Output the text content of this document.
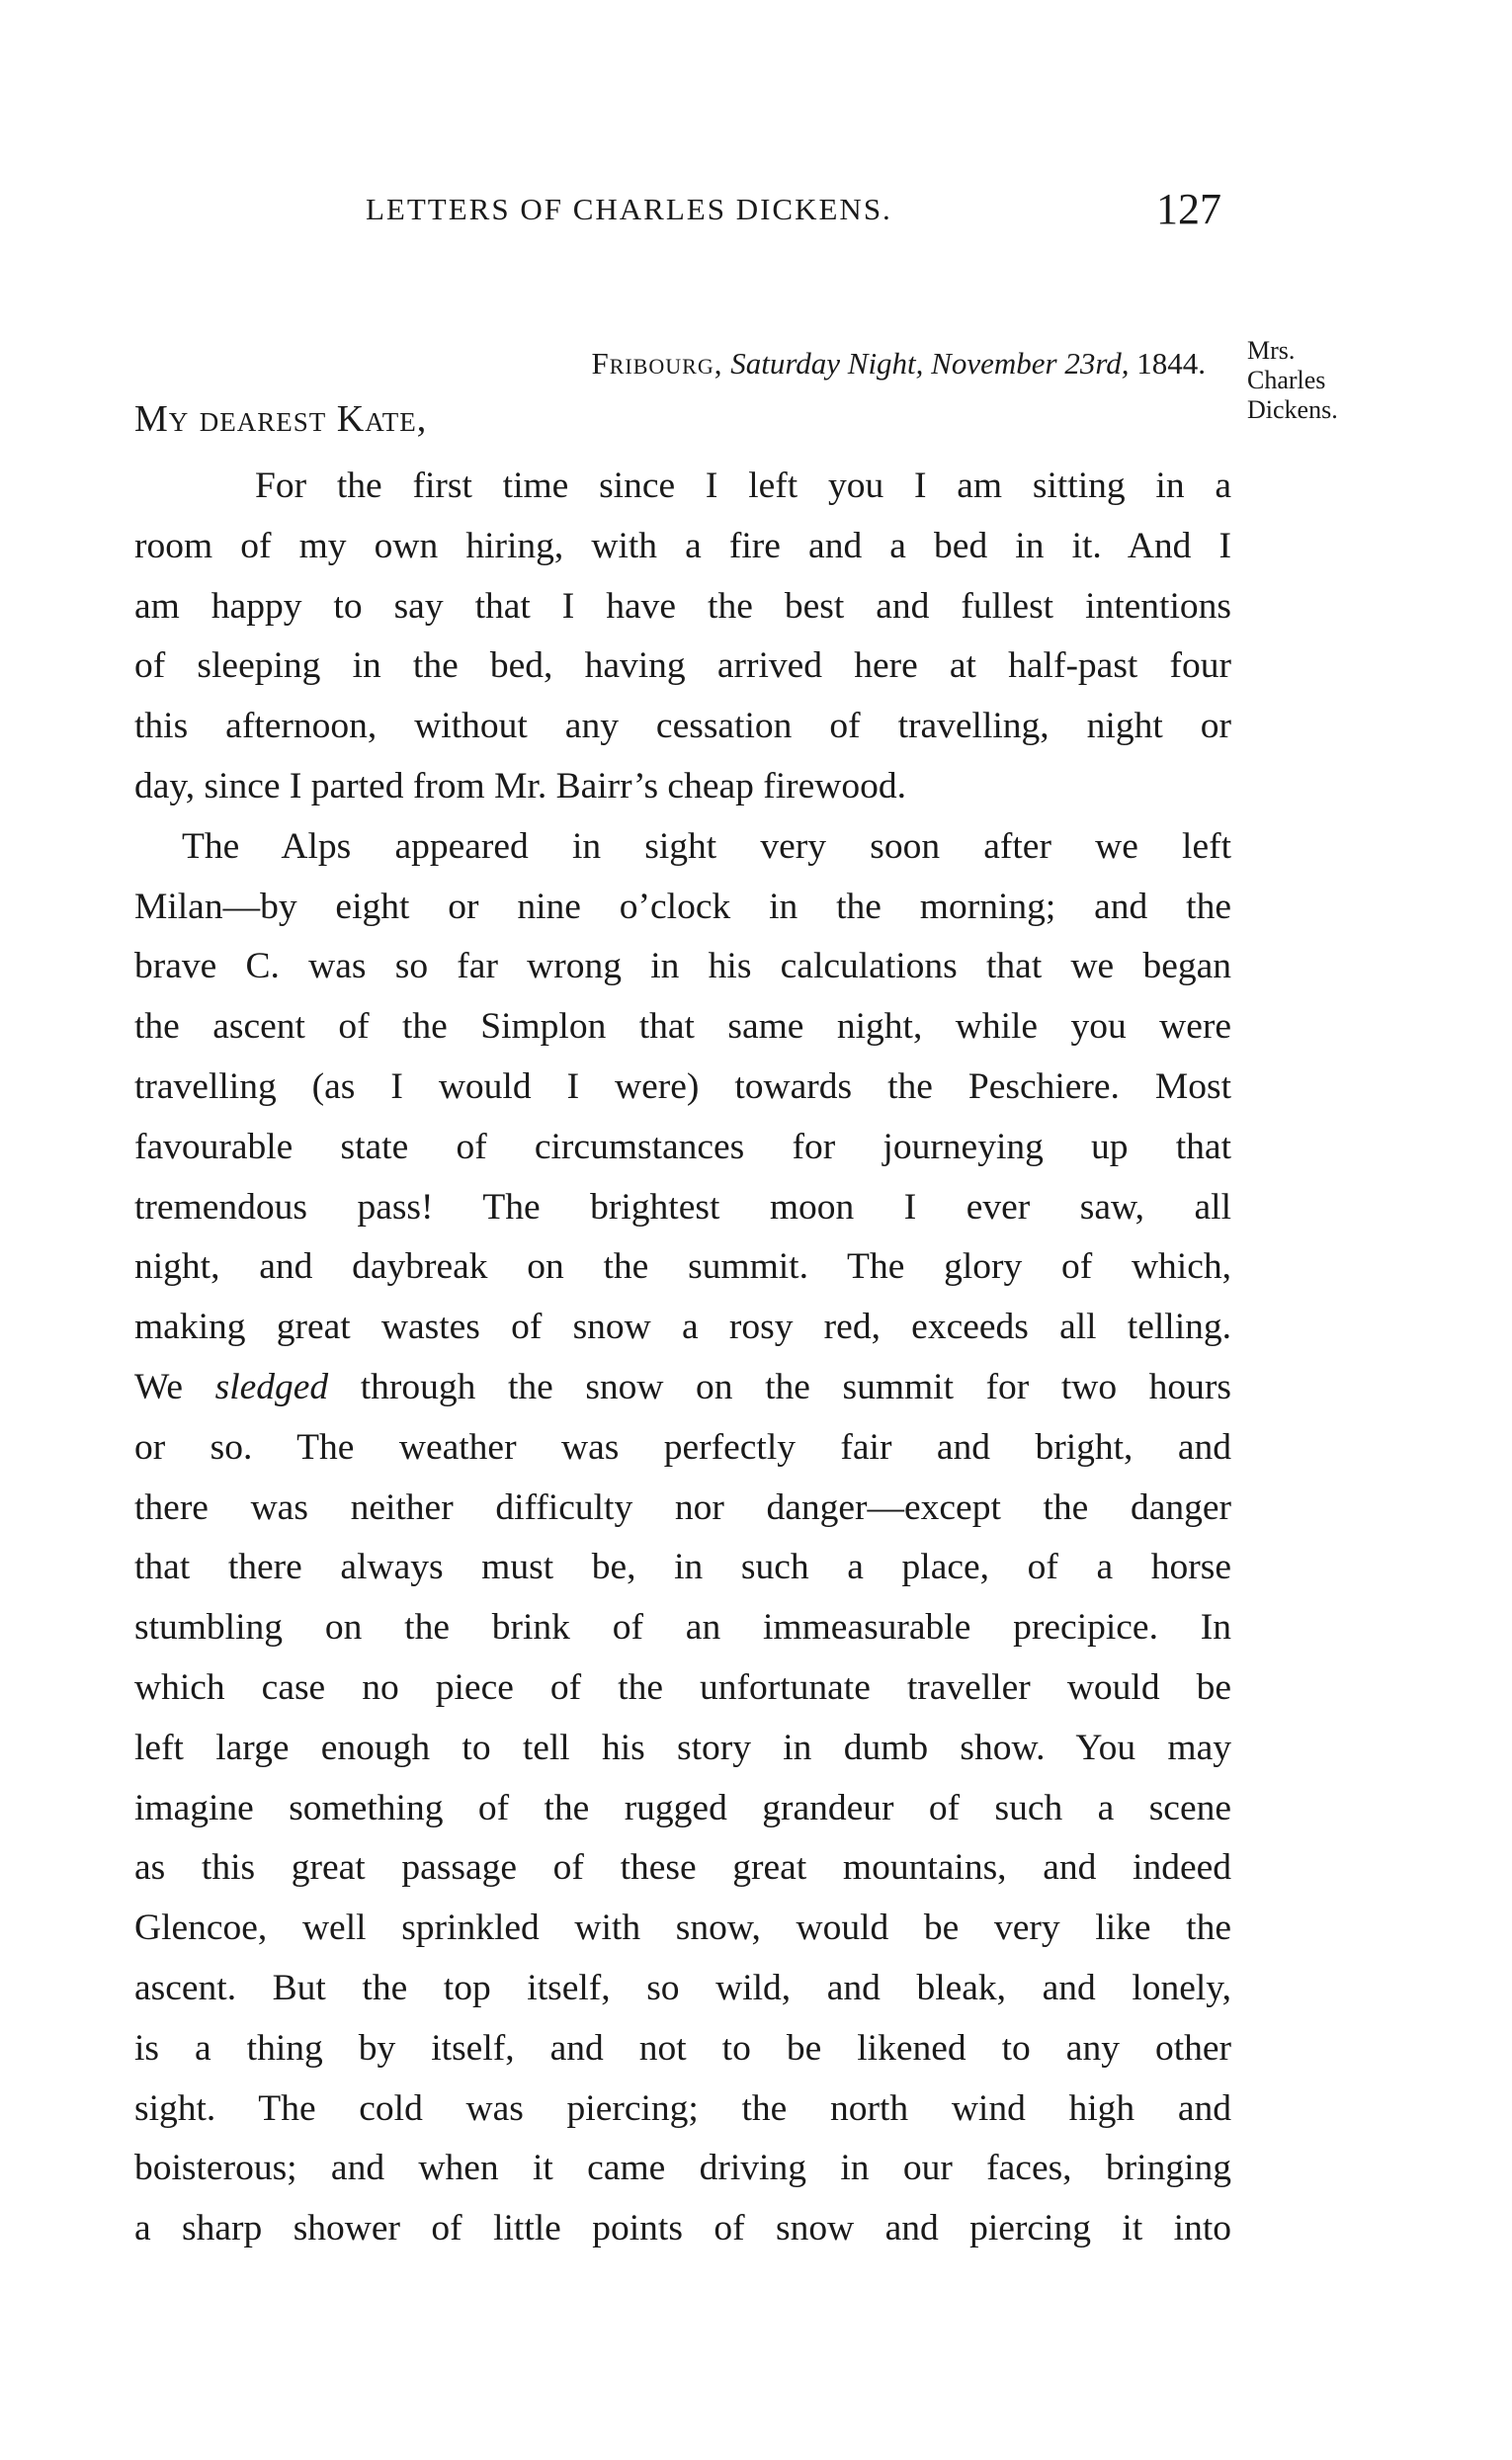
LETTERS OF CHARLES DICKENS.	127
Fribourg, Saturday Night, November 23rd, 1844. Mrs.
Charles
Dickens.
My dearest Kate,
For the first time since I left you I am sitting in a
room of my own hiring, with a fire and a bed in it. And I
am happy to say that I have the best and fullest intentions
of sleeping in the bed, having arrived here at half-past four
this afternoon, without any cessation of travelling, night or
day, since I parted from Mr. Bairr’s cheap firewood.
The Alps appeared in sight very soon after we left
Milan—by eight or nine o’clock in the morning; and the
brave C. was so far wrong in his calculations that we began
the ascent of the Simplon that same night, while you were
travelling (as I would I were) towards the Peschiere. Most
favourable state of circumstances for journeying up that
tremendous pass! The brightest moon I ever saw, all
night, and daybreak on the summit. The glory of which,
making great wastes of snow a rosy red, exceeds all telling.
We sledged through the snow on the summit for two hours
or so. The weather was perfectly fair and bright, and
there was neither difficulty nor danger—except the danger
that there always must be, in such a place, of a horse
stumbling on the brink of an immeasurable precipice. In
which case no piece of the unfortunate traveller would be
left large enough to tell his story in dumb show. You may
imagine something of the rugged grandeur of such a scene
as this great passage of these great mountains, and indeed
Glencoe, well sprinkled with snow, would be very like the
ascent. But the top itself, so wild, and bleak, and lonely,
is a thing by itself, and not to be likened to any other
sight. The cold was piercing; the north wind high and
boisterous; and when it came driving in our faces, bringing
a sharp shower of little points of snow and piercing it into
